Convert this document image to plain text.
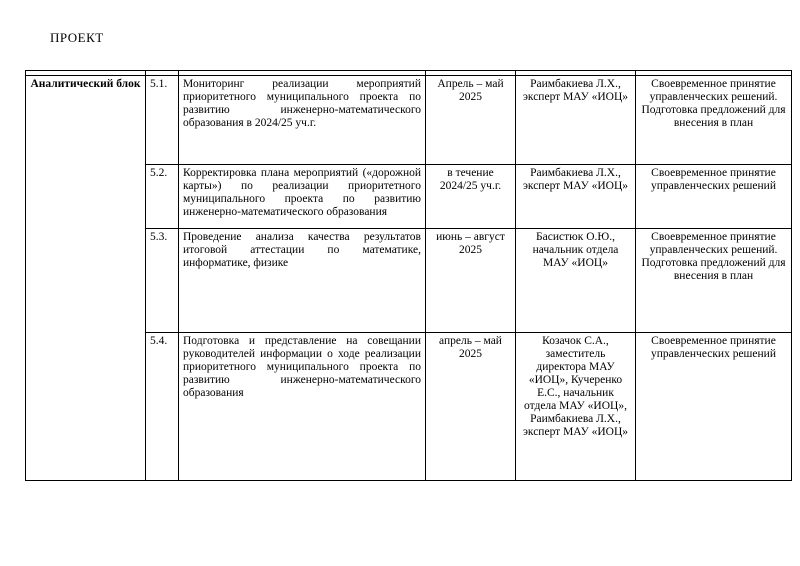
ПРОЕКТ

Аналитический блок	5.1.	Мониторинг реализации мероприятий приоритетного муниципального проекта по развитию инженерно-математического образования в 2024/25 уч.г.	Апрель – май 2025	Раимбакиева Л.Х., эксперт МАУ «ИОЦ»	Своевременное принятие управленческих решений. Подготовка предложений для внесения в план
	5.2.	Корректировка плана мероприятий («дорожной карты») по реализации приоритетного муниципального проекта по развитию инженерно-математического образования	в течение 2024/25 уч.г.	Раимбакиева Л.Х., эксперт МАУ «ИОЦ»	Своевременное принятие управленческих решений
	5.3.	Проведение анализа качества результатов итоговой аттестации по математике, информатике, физике	июнь – август 2025	Басистюк О.Ю., начальник отдела МАУ «ИОЦ»	Своевременное принятие управленческих решений. Подготовка предложений для внесения в план
	5.4.	Подготовка и представление на совещании руководителей информации о ходе реализации приоритетного муниципального проекта по развитию инженерно-математического образования	апрель – май 2025	Козачок С.А., заместитель директора МАУ «ИОЦ», Кучеренко Е.С., начальник отдела МАУ «ИОЦ», Раимбакиева Л.Х., эксперт МАУ «ИОЦ»	Своевременное принятие управленческих решений
